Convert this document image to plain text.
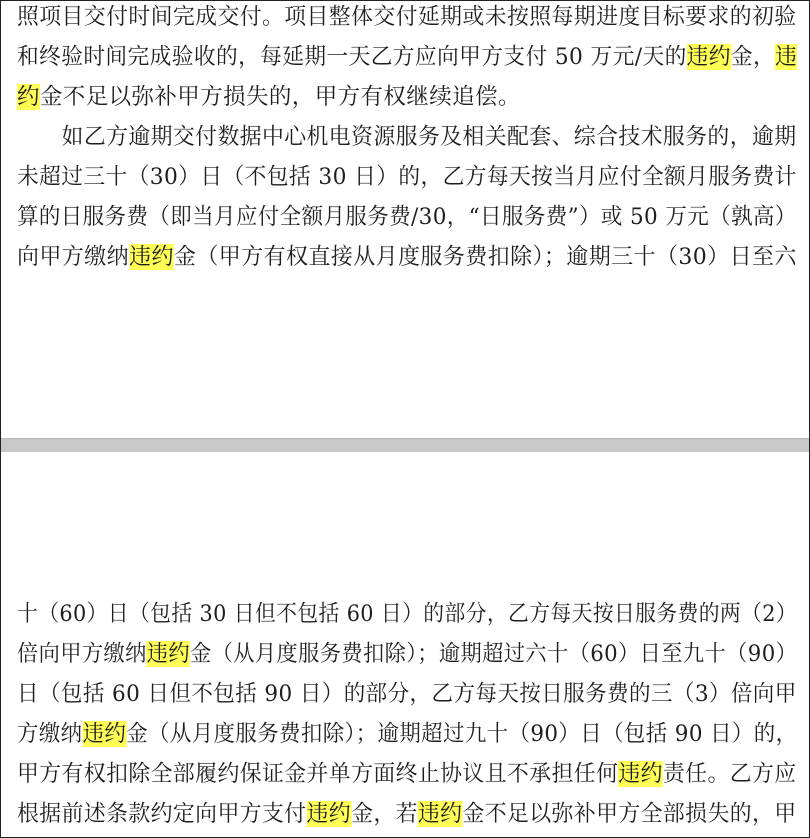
照项目交付时间完成交付。项目整体交付延期或未按照每期进度目标要求的初验
和终验时间完成验收的，每延期一天乙方应向甲方支付 50 万元/天的违约金，违
约金不足以弥补甲方损失的，甲方有权继续追偿。
　　如乙方逾期交付数据中心机电资源服务及相关配套、综合技术服务的，逾期
未超过三十（30）日（不包括 30 日）的，乙方每天按当月应付全额月服务费计
算的日服务费（即当月应付全额月服务费/30，“日服务费”）或 50 万元（孰高）
向甲方缴纳违约金（甲方有权直接从月度服务费扣除）；逾期三十（30）日至六
十（60）日（包括 30 日但不包括 60 日）的部分，乙方每天按日服务费的两（2）
倍向甲方缴纳违约金（从月度服务费扣除）；逾期超过六十（60）日至九十（90）
日（包括 60 日但不包括 90 日）的部分，乙方每天按日服务费的三（3）倍向甲
方缴纳违约金（从月度服务费扣除）；逾期超过九十（90）日（包括 90 日）的，
甲方有权扣除全部履约保证金并单方面终止协议且不承担任何违约责任。乙方应
根据前述条款约定向甲方支付违约金，若违约金不足以弥补甲方全部损失的，甲
